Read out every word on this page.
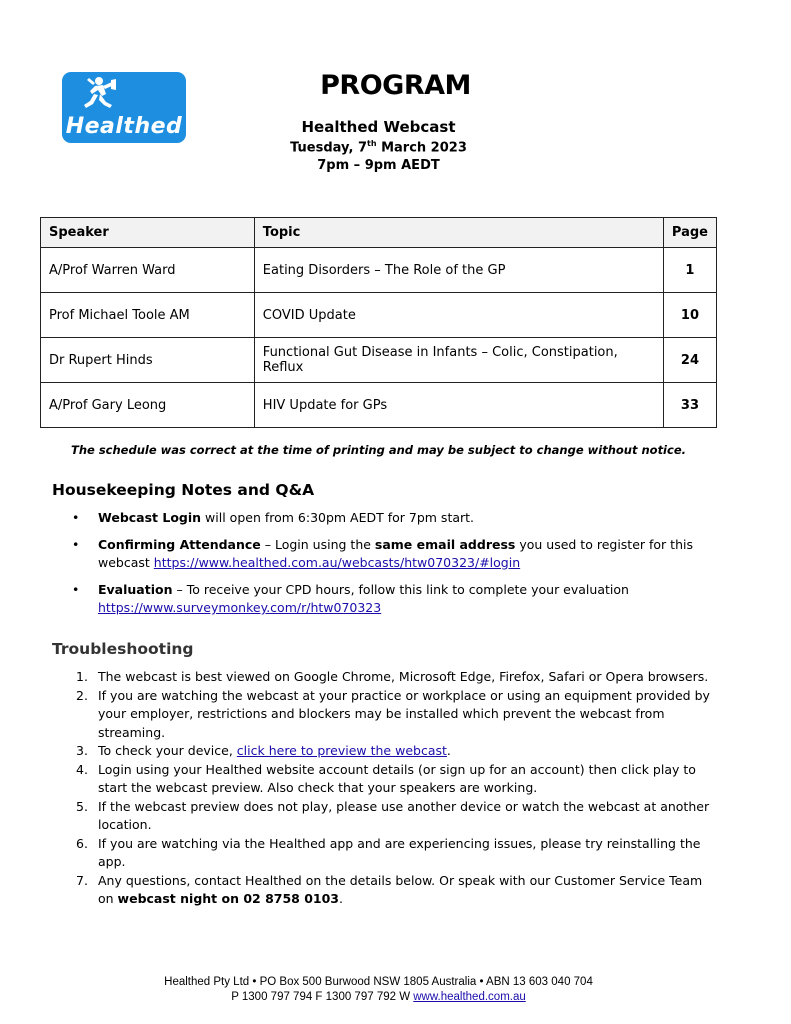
Healthed
PROGRAM
Healthed Webcast
Tuesday, 7th March 2023
7pm – 9pm AEDT
Speaker	Topic	Page
A/Prof Warren Ward	Eating Disorders – The Role of the GP	1
Prof Michael Toole AM	COVID Update	10
Dr Rupert Hinds	Functional Gut Disease in Infants – Colic, Constipation, Reflux	24
A/Prof Gary Leong	HIV Update for GPs	33
The schedule was correct at the time of printing and may be subject to change without notice.
Housekeeping Notes and Q&A
• Webcast Login will open from 6:30pm AEDT for 7pm start.
• Confirming Attendance – Login using the same email address you used to register for this webcast https://www.healthed.com.au/webcasts/htw070323/#login
• Evaluation – To receive your CPD hours, follow this link to complete your evaluation https://www.surveymonkey.com/r/htw070323
Troubleshooting
1. The webcast is best viewed on Google Chrome, Microsoft Edge, Firefox, Safari or Opera browsers.
2. If you are watching the webcast at your practice or workplace or using an equipment provided by your employer, restrictions and blockers may be installed which prevent the webcast from streaming.
3. To check your device, click here to preview the webcast.
4. Login using your Healthed website account details (or sign up for an account) then click play to start the webcast preview. Also check that your speakers are working.
5. If the webcast preview does not play, please use another device or watch the webcast at another location.
6. If you are watching via the Healthed app and are experiencing issues, please try reinstalling the app.
7. Any questions, contact Healthed on the details below. Or speak with our Customer Service Team on webcast night on 02 8758 0103.
Healthed Pty Ltd • PO Box 500 Burwood NSW 1805 Australia • ABN 13 603 040 704
P 1300 797 794 F 1300 797 792 W www.healthed.com.au
